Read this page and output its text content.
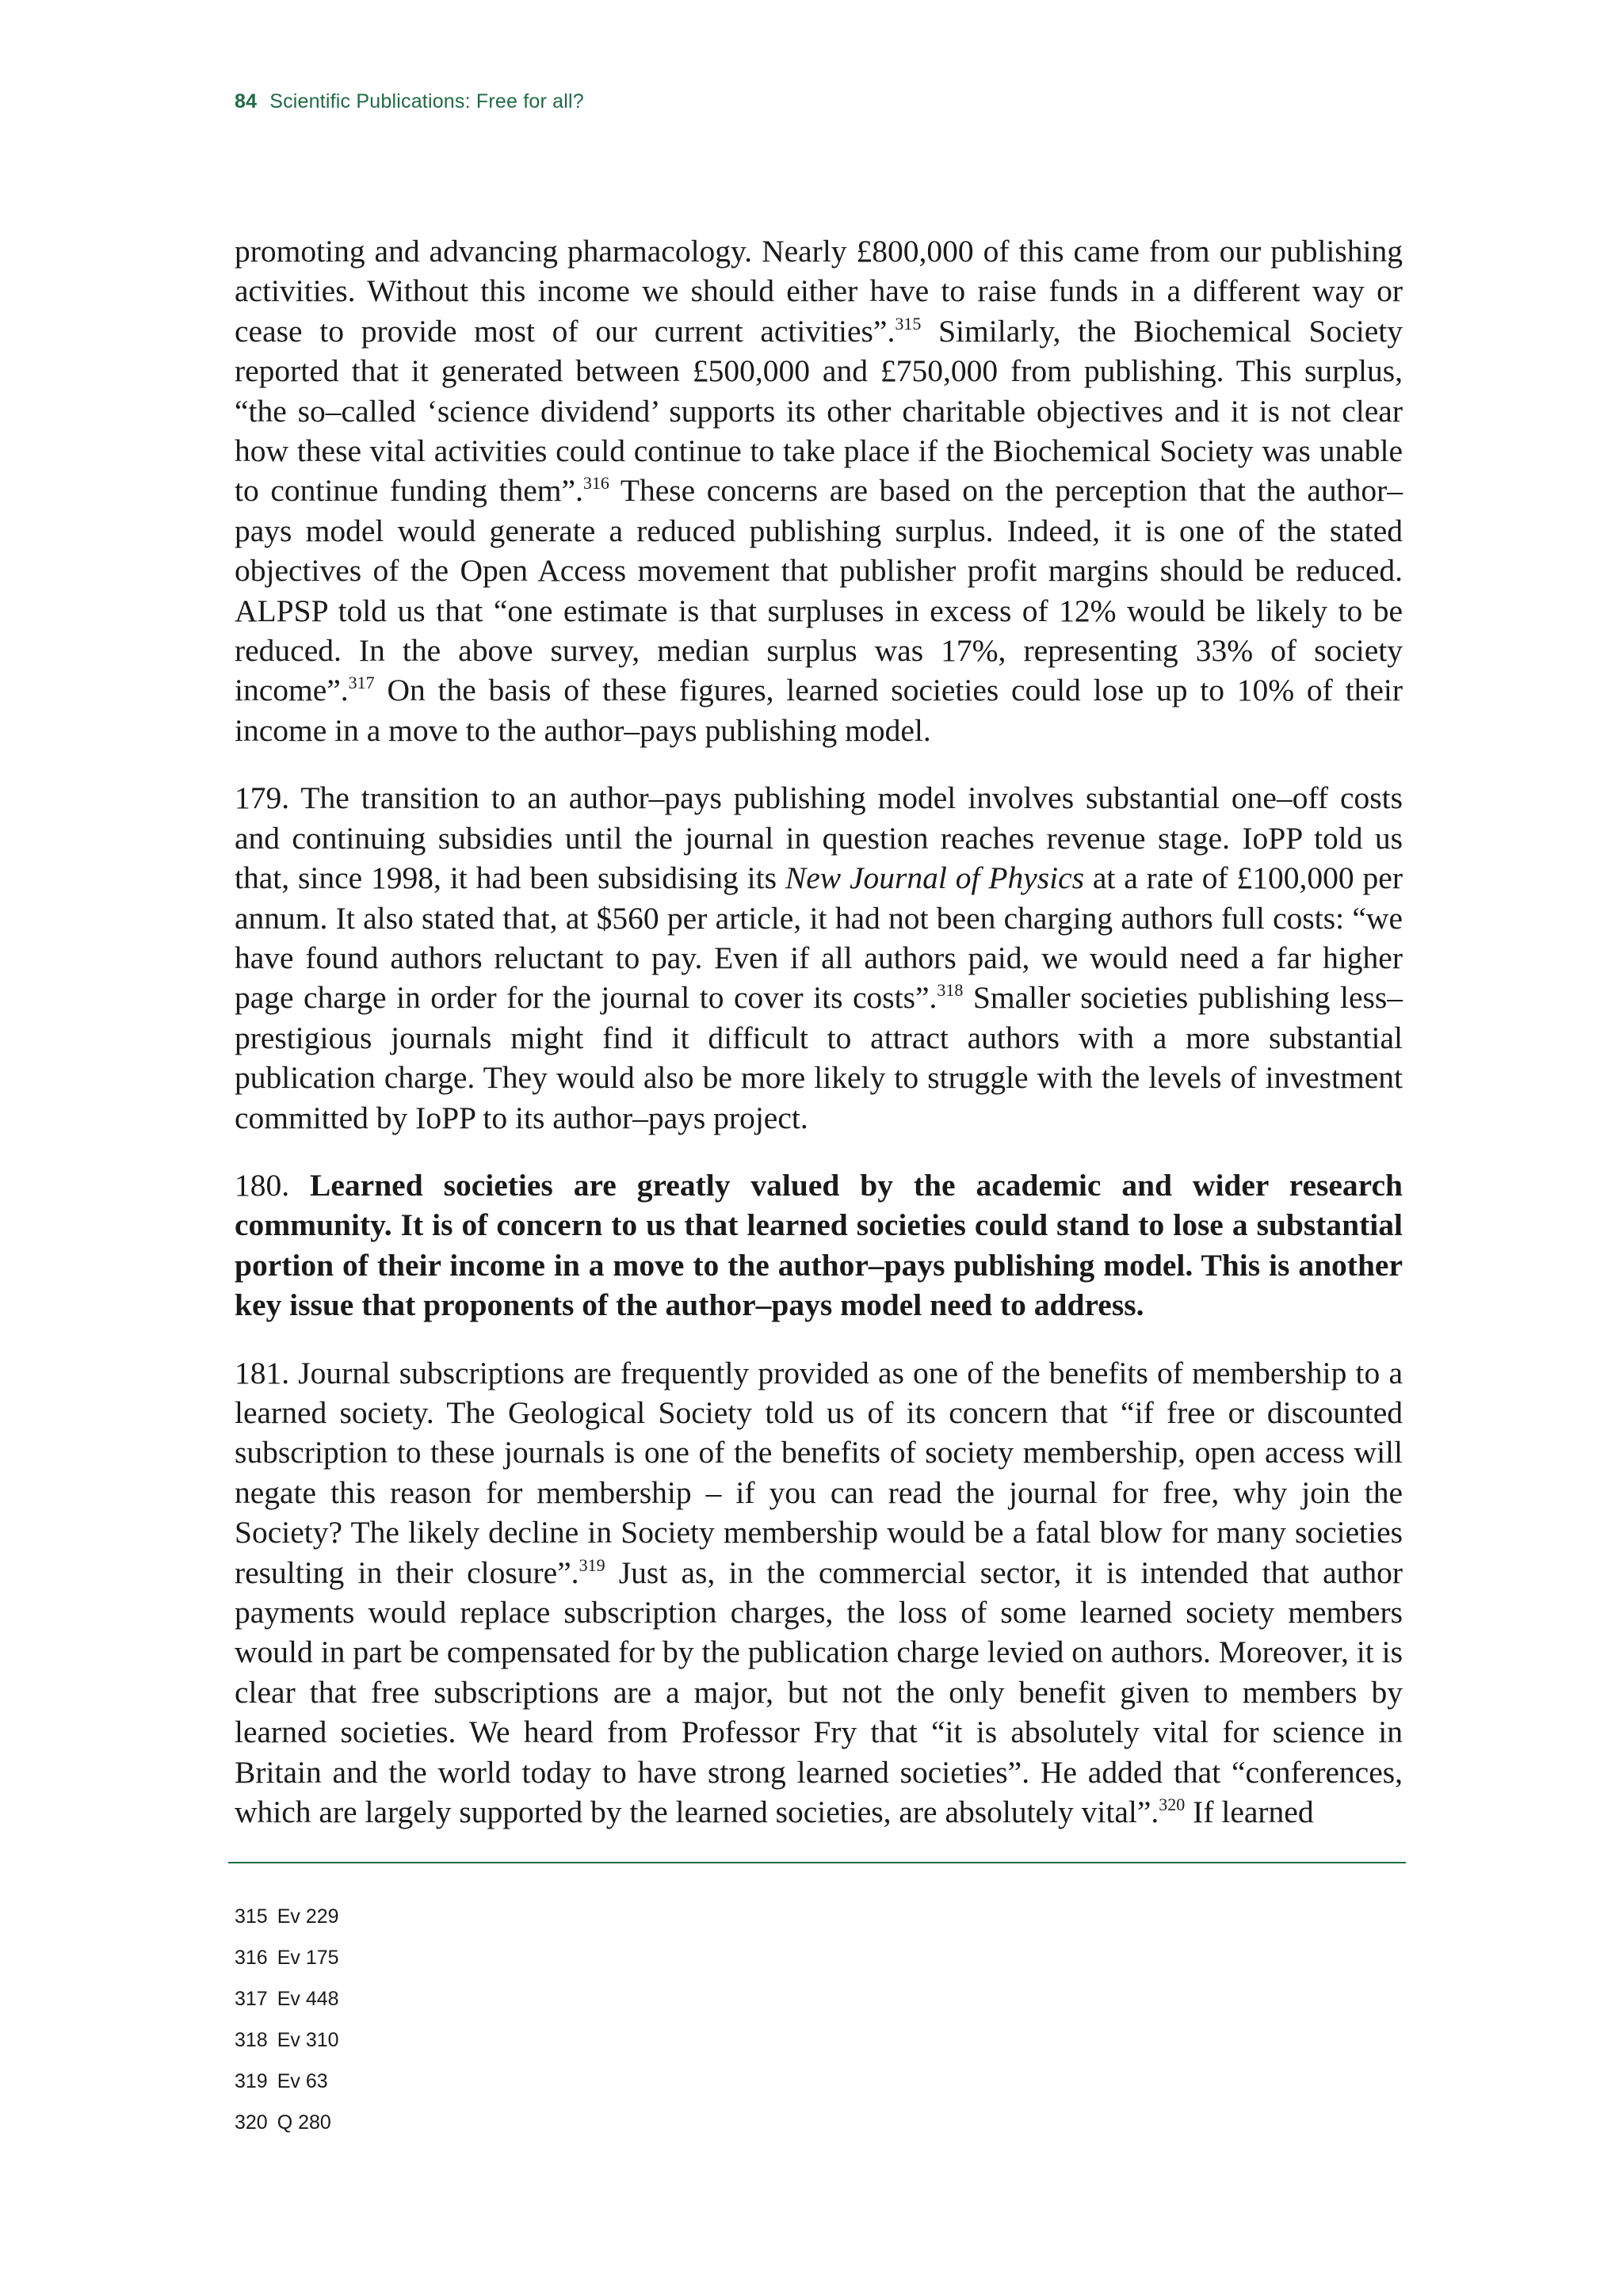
84 Scientific Publications: Free for all?

promoting and advancing pharmacology. Nearly £800,000 of this came from our publishing activities. Without this income we should either have to raise funds in a different way or cease to provide most of our current activities”.$^{315}$ Similarly, the Biochemical Society reported that it generated between £500,000 and £750,000 from publishing. This surplus, “the so–called ‘science dividend’ supports its other charitable objectives and it is not clear how these vital activities could continue to take place if the Biochemical Society was unable to continue funding them”.$^{316}$ These concerns are based on the perception that the author–pays model would generate a reduced publishing surplus. Indeed, it is one of the stated objectives of the Open Access movement that publisher profit margins should be reduced. ALPSP told us that “one estimate is that surpluses in excess of 12% would be likely to be reduced. In the above survey, median surplus was 17%, representing 33% of society income”.$^{317}$ On the basis of these figures, learned societies could lose up to 10% of their income in a move to the author–pays publishing model.

179. The transition to an author–pays publishing model involves substantial one–off costs and continuing subsidies until the journal in question reaches revenue stage. IoPP told us that, since 1998, it had been subsidising its New Journal of Physics at a rate of £100,000 per annum. It also stated that, at $560 per article, it had not been charging authors full costs: “we have found authors reluctant to pay. Even if all authors paid, we would need a far higher page charge in order for the journal to cover its costs”.$^{318}$ Smaller societies publishing less–prestigious journals might find it difficult to attract authors with a more substantial publication charge. They would also be more likely to struggle with the levels of investment committed by IoPP to its author–pays project.

180. Learned societies are greatly valued by the academic and wider research community. It is of concern to us that learned societies could stand to lose a substantial portion of their income in a move to the author–pays publishing model. This is another key issue that proponents of the author–pays model need to address.

181. Journal subscriptions are frequently provided as one of the benefits of membership to a learned society. The Geological Society told us of its concern that “if free or discounted subscription to these journals is one of the benefits of society membership, open access will negate this reason for membership – if you can read the journal for free, why join the Society? The likely decline in Society membership would be a fatal blow for many societies resulting in their closure”.$^{319}$ Just as, in the commercial sector, it is intended that author payments would replace subscription charges, the loss of some learned society members would in part be compensated for by the publication charge levied on authors. Moreover, it is clear that free subscriptions are a major, but not the only benefit given to members by learned societies. We heard from Professor Fry that “it is absolutely vital for science in Britain and the world today to have strong learned societies”. He added that “conferences, which are largely supported by the learned societies, are absolutely vital”.$^{320}$ If learned

315 Ev 229
316 Ev 175
317 Ev 448
318 Ev 310
319 Ev 63
320 Q 280
